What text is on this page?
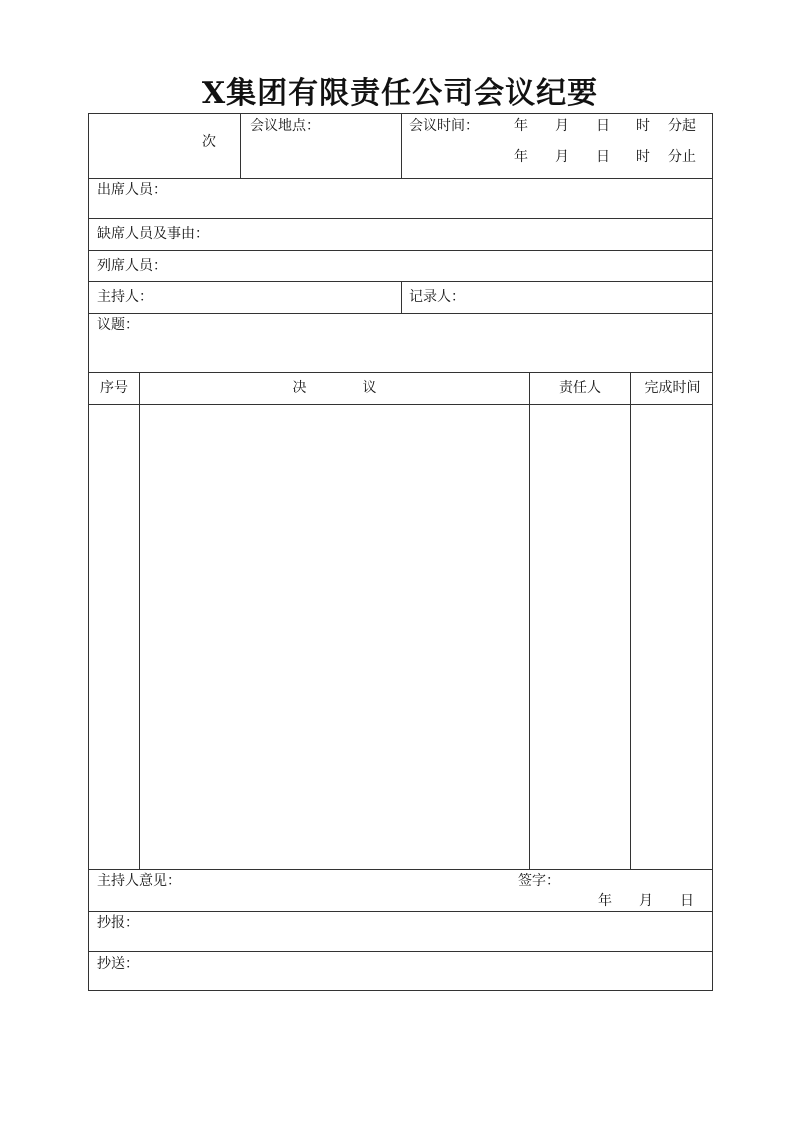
X集团有限责任公司会议纪要
次
会议地点：	会议时间：	年 月 日 时 分起
年 月 日 时 分止
出席人员：
缺席人员及事由：
列席人员：
主持人：	记录人：
议题：
序号	决　　　　议	责任人	完成时间
主持人意见：	签字：
年 月 日
抄报：
抄送：
